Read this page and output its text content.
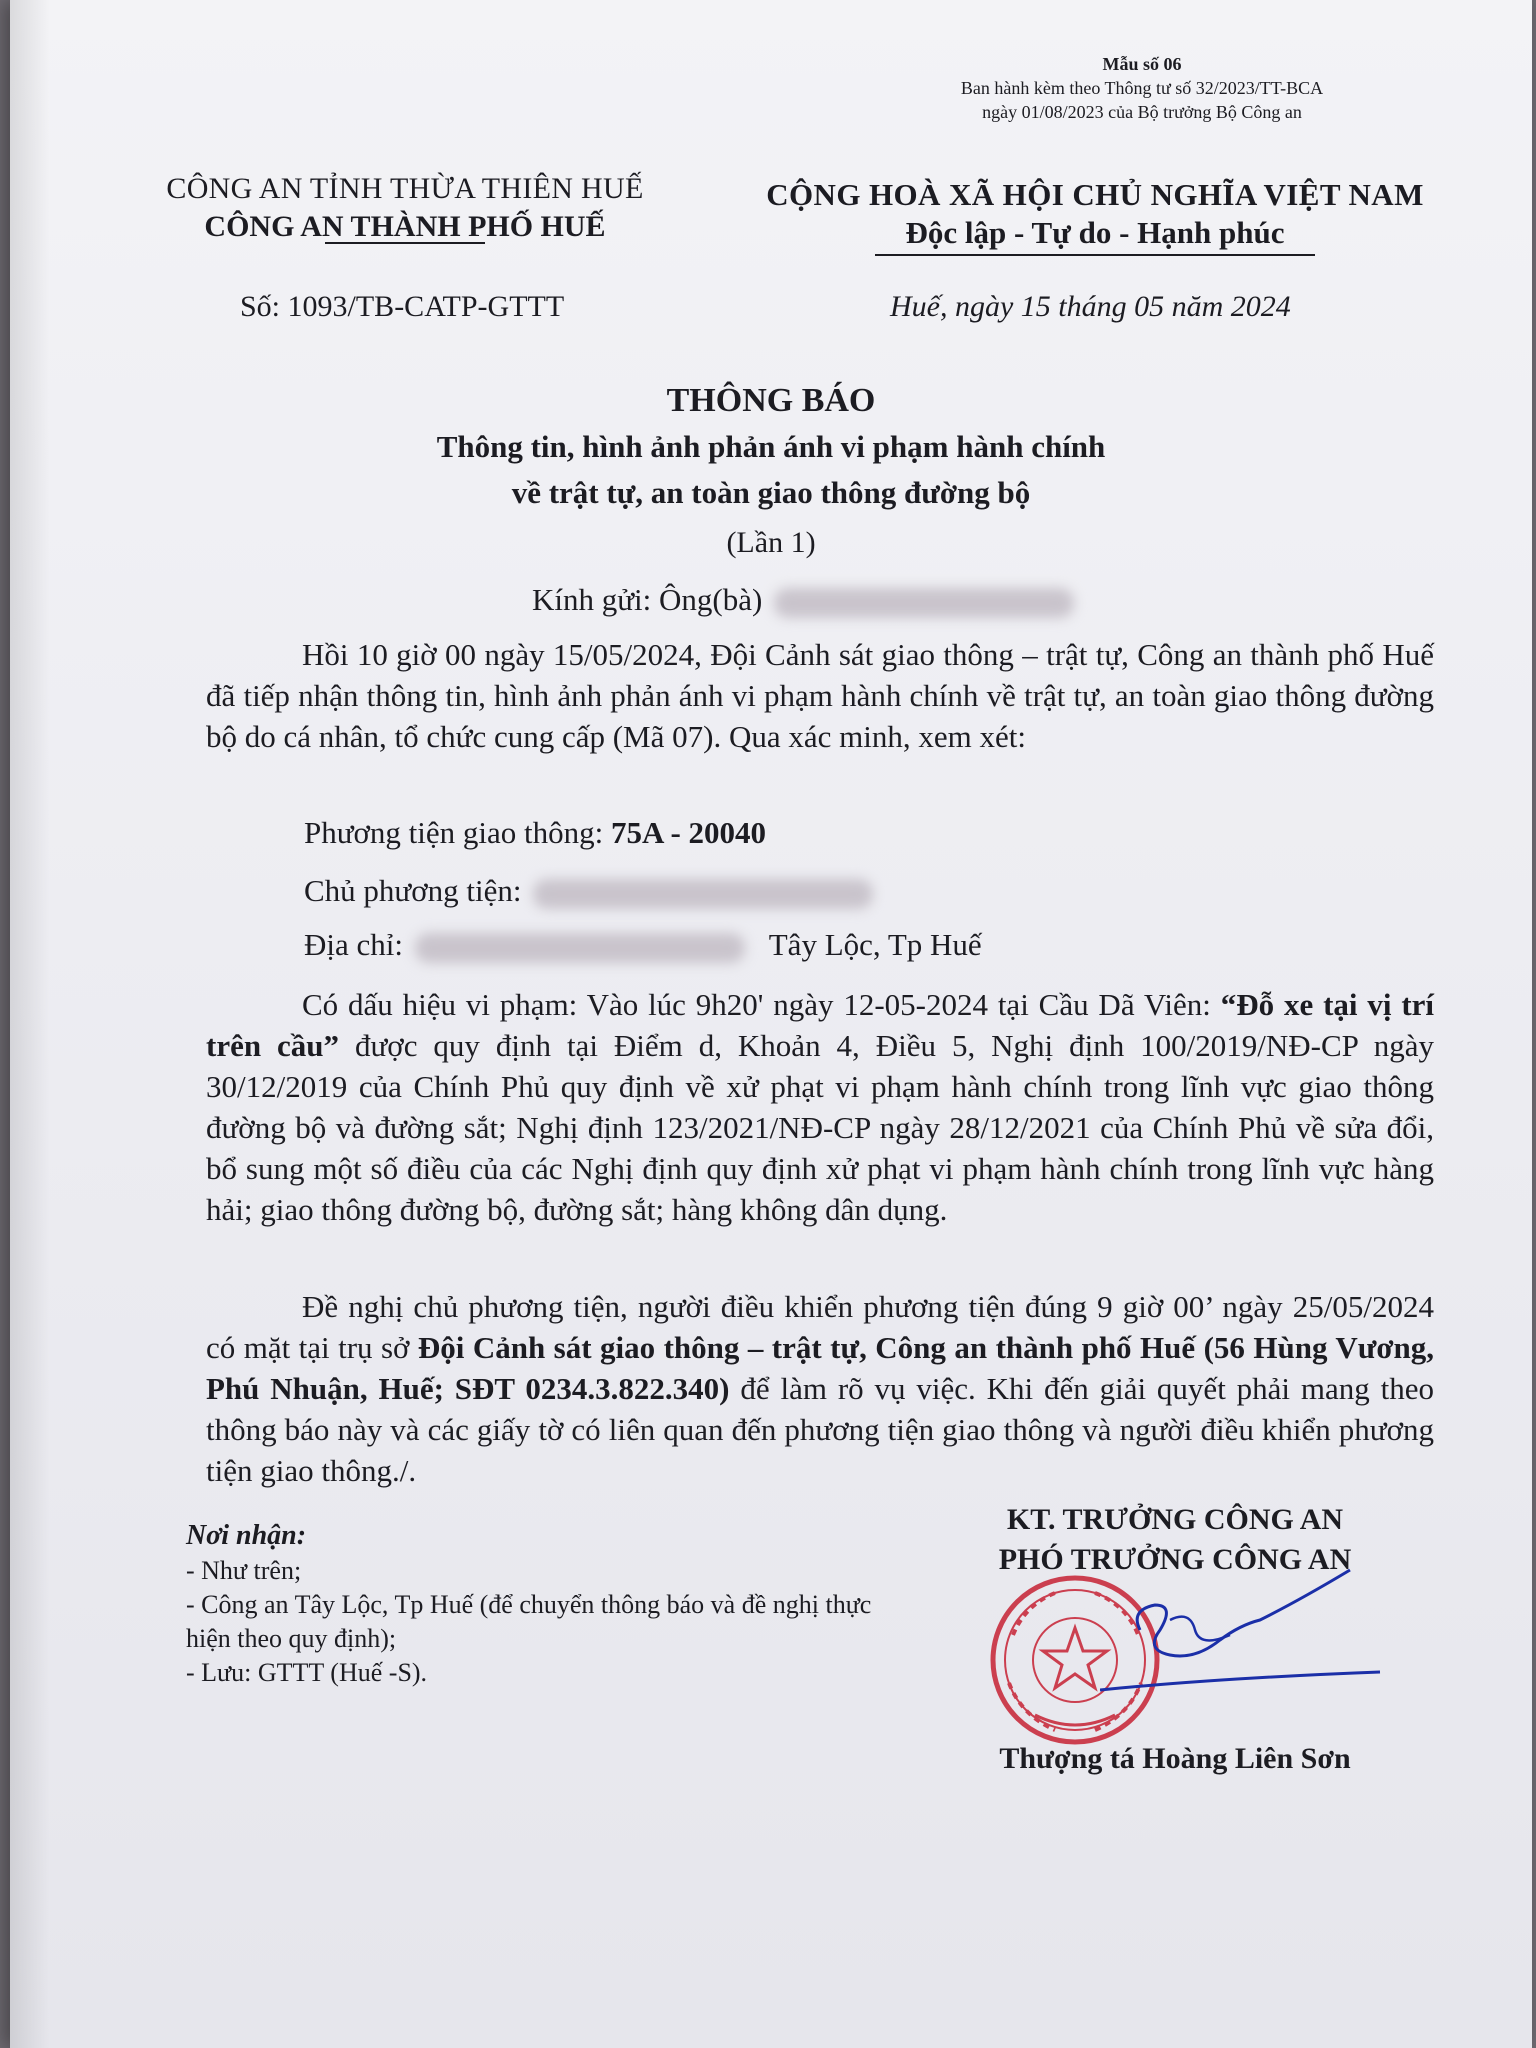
Mẫu số 06
Ban hành kèm theo Thông tư số 32/2023/TT-BCA
ngày 01/08/2023 của Bộ trưởng Bộ Công an
CÔNG AN TỈNH THỪA THIÊN HUẾ
CÔNG AN THÀNH PHỐ HUẾ
CỘNG HOÀ XÃ HỘI CHỦ NGHĨA VIỆT NAM
Độc lập - Tự do - Hạnh phúc
Số: 1093/TB-CATP-GTTT	Huế, ngày 15 tháng 05 năm 2024
THÔNG BÁO
Thông tin, hình ảnh phản ánh vi phạm hành chính
về trật tự, an toàn giao thông đường bộ
(Lần 1)
Kính gửi: Ông(bà)
Hồi 10 giờ 00 ngày 15/05/2024, Đội Cảnh sát giao thông – trật tự, Công an thành phố Huế đã tiếp nhận thông tin, hình ảnh phản ánh vi phạm hành chính về trật tự, an toàn giao thông đường bộ do cá nhân, tổ chức cung cấp (Mã 07). Qua xác minh, xem xét:
Phương tiện giao thông: 75A - 20040
Chủ phương tiện:
Địa chỉ:	Tây Lộc, Tp Huế
Có dấu hiệu vi phạm: Vào lúc 9h20' ngày 12-05-2024 tại Cầu Dã Viên: “Đỗ xe tại vị trí trên cầu” được quy định tại Điểm d, Khoản 4, Điều 5, Nghị định 100/2019/NĐ-CP ngày 30/12/2019 của Chính Phủ quy định về xử phạt vi phạm hành chính trong lĩnh vực giao thông đường bộ và đường sắt; Nghị định 123/2021/NĐ-CP ngày 28/12/2021 của Chính Phủ về sửa đổi, bổ sung một số điều của các Nghị định quy định xử phạt vi phạm hành chính trong lĩnh vực hàng hải; giao thông đường bộ, đường sắt; hàng không dân dụng.
Đề nghị chủ phương tiện, người điều khiển phương tiện đúng 9 giờ 00’ ngày 25/05/2024 có mặt tại trụ sở Đội Cảnh sát giao thông – trật tự, Công an thành phố Huế (56 Hùng Vương, Phú Nhuận, Huế; SĐT 0234.3.822.340) để làm rõ vụ việc. Khi đến giải quyết phải mang theo thông báo này và các giấy tờ có liên quan đến phương tiện giao thông và người điều khiển phương tiện giao thông./.
Nơi nhận:
- Như trên;
- Công an Tây Lộc, Tp Huế (để chuyển thông báo và đề nghị thực hiện theo quy định);
- Lưu: GTTT (Huế -S).
KT. TRƯỞNG CÔNG AN
PHÓ TRƯỞNG CÔNG AN
Thượng tá Hoàng Liên Sơn
